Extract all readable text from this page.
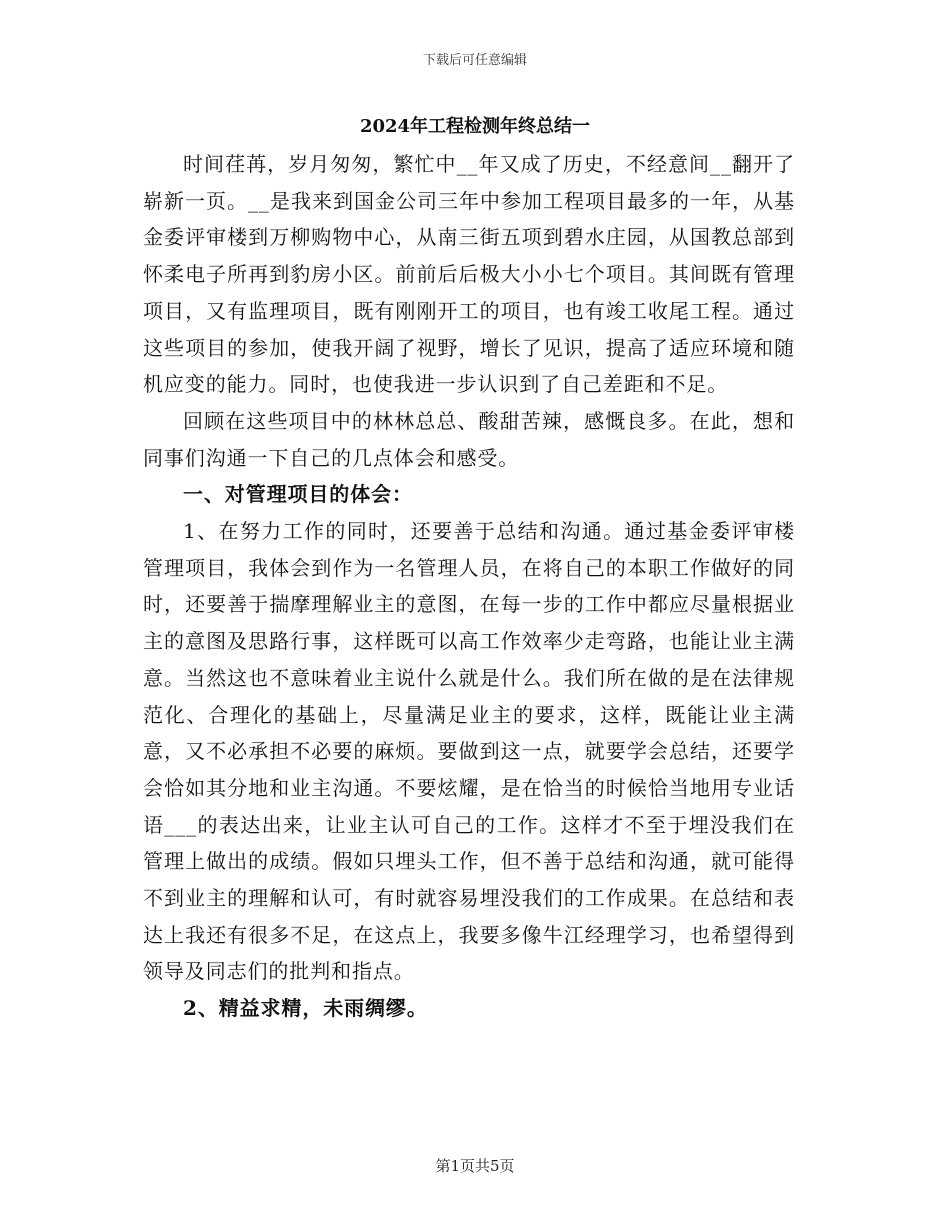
下载后可任意编辑
2024年工程检测年终总结一

时间荏苒，岁月匆匆，繁忙中__年又成了历史，不经意间__翻开了崭新一页。__是我来到国金公司三年中参加工程项目最多的一年，从基金委评审楼到万柳购物中心，从南三街五项到碧水庄园，从国教总部到怀柔电子所再到豹房小区。前前后后极大小小七个项目。其间既有管理项目，又有监理项目，既有刚刚开工的项目，也有竣工收尾工程。通过这些项目的参加，使我开阔了视野，增长了见识，提高了适应环境和随机应变的能力。同时，也使我进一步认识到了自己差距和不足。

回顾在这些项目中的林林总总、酸甜苦辣，感慨良多。在此，想和同事们沟通一下自己的几点体会和感受。

一、对管理项目的体会：

1、在努力工作的同时，还要善于总结和沟通。通过基金委评审楼管理项目，我体会到作为一名管理人员，在将自己的本职工作做好的同时，还要善于揣摩理解业主的意图，在每一步的工作中都应尽量根据业主的意图及思路行事，这样既可以高工作效率少走弯路，也能让业主满意。当然这也不意味着业主说什么就是什么。我们所在做的是在法律规范化、合理化的基础上，尽量满足业主的要求，这样，既能让业主满意，又不必承担不必要的麻烦。要做到这一点，就要学会总结，还要学会恰如其分地和业主沟通。不要炫耀，是在恰当的时候恰当地用专业话语___的表达出来，让业主认可自己的工作。这样才不至于埋没我们在管理上做出的成绩。假如只埋头工作，但不善于总结和沟通，就可能得不到业主的理解和认可，有时就容易埋没我们的工作成果。在总结和表达上我还有很多不足，在这点上，我要多像牛江经理学习，也希望得到领导及同志们的批判和指点。

2、精益求精，未雨绸缪。

第1页共5页
